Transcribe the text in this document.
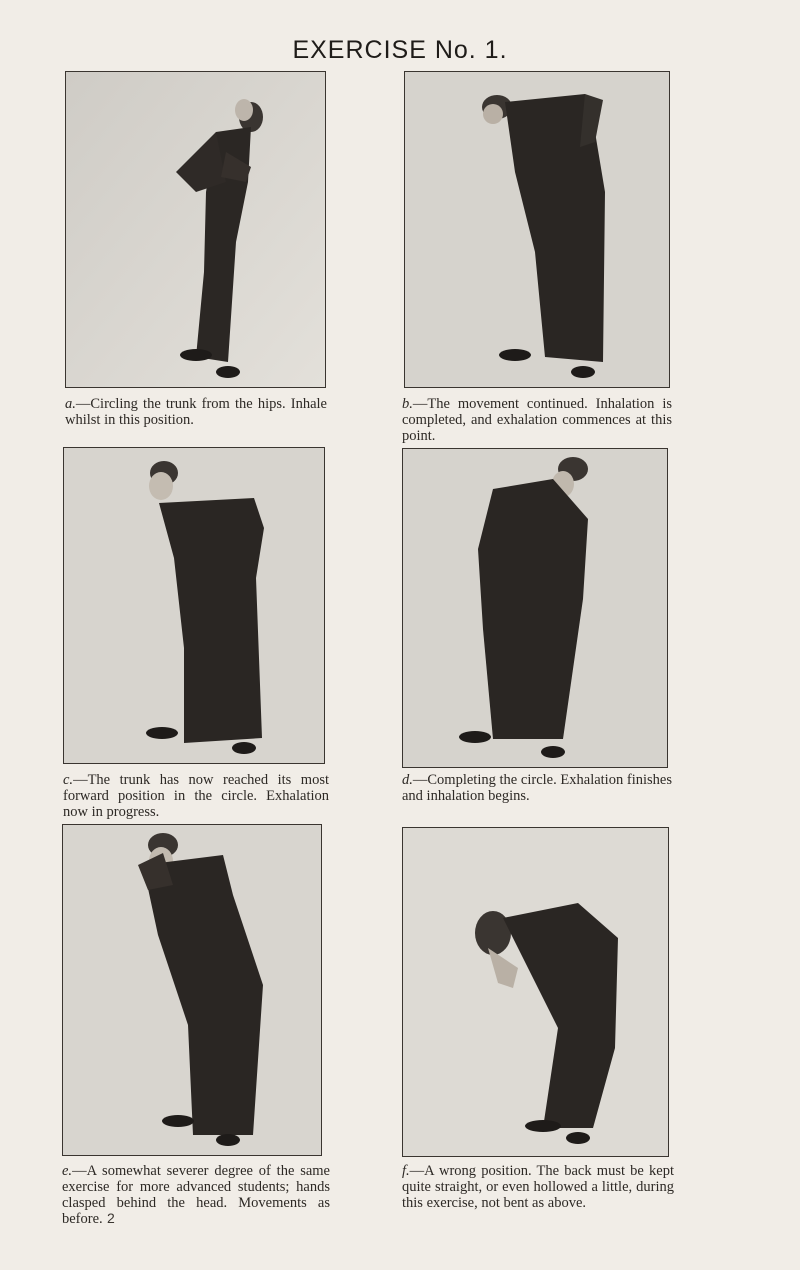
EXERCISE No. 1.
a.—Circling the trunk from the hips. Inhale whilst in this position.
b.—The movement continued. Inhalation is completed, and exhalation commences at this point.
c.—The trunk has now reached its most forward position in the circle. Exhalation now in progress.
d.—Completing the circle. Exhalation finishes and inhalation begins.
e.—A somewhat severer degree of the same exercise for more advanced students; hands clasped behind the head. Movements as before.
f.—A wrong position. The back must be kept quite straight, or even hollowed a little, during this exercise, not bent as above.
2
